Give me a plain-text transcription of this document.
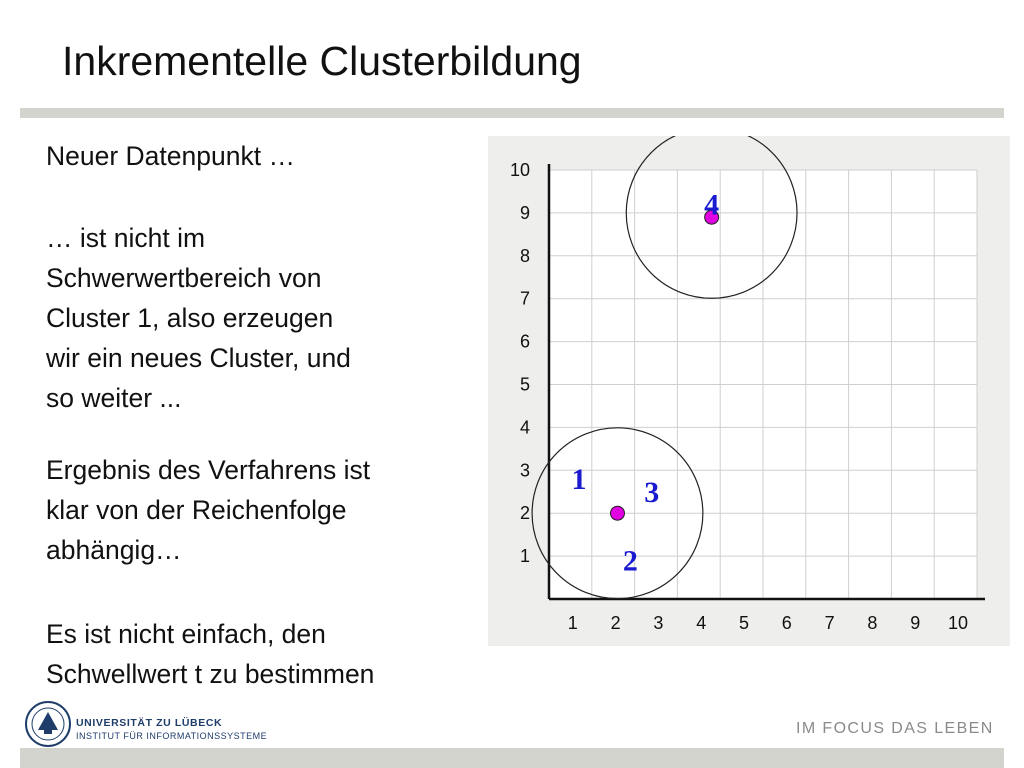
Inkrementelle Clusterbildung
Neuer Datenpunkt …
… ist nicht im
Schwerwertbereich von
Cluster 1, also erzeugen
wir ein neues Cluster, und
so weiter ...
Ergebnis des Verfahrens ist
klar von der Reichenfolge
abhängig…
Es ist nicht einfach, den
Schwellwert t zu bestimmen
1 2 3 4 5 6 7 8 9 10
1
2
3
4
5
6
7
8
9
10
1
2
3
4
UNIVERSITÄT ZU LÜBECK
INSTITUT FÜR INFORMATIONSSYSTEME	IM FOCUS DAS LEBEN
